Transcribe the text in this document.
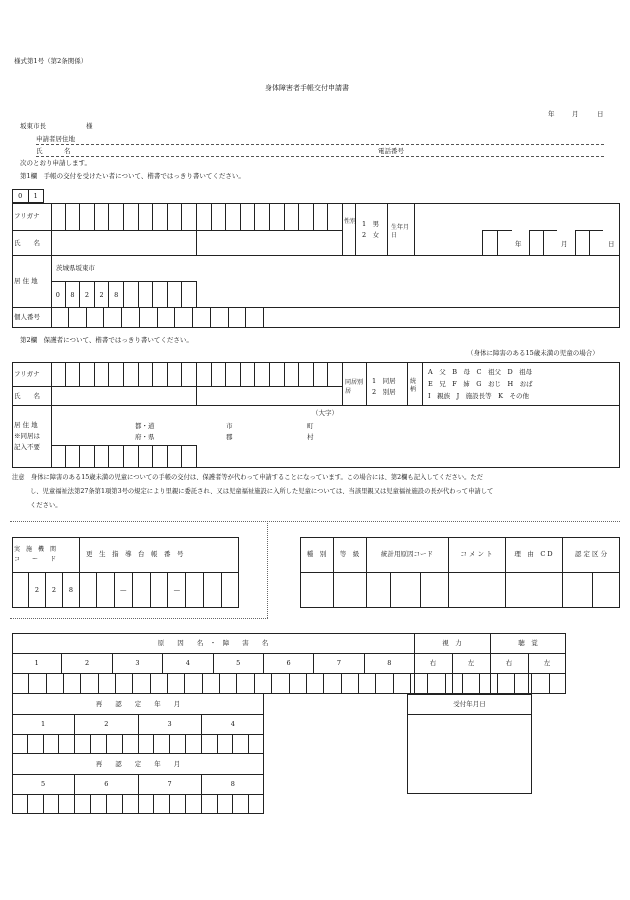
様式第1号（第2条関係）
身体障害者手帳交付申請書
年	月	日
坂東市長	様
申請者居住地
氏	名	電話番号
次のとおり申請します。
第1欄　手帳の交付を受けたい者について、楷書ではっきり書いてください。
0	1
フリガナ
氏　　名
性別 1　男
2　女
生年月日
年	月	日
居 住 地
茨城県坂東市
0	8	2	2	8
個人番号
第2欄　保護者について、楷書ではっきり書いてください。
（身体に障害のある15歳未満の児童の場合）
フリガナ
氏　　名
同居別居
1　同居
2　別居
続柄
A　父　B　母　C　祖父　D　祖母
E　兄　F　姉　G　おじ　H　おば
I　親族　J　施設長等　K　その他
居 住 地
※同居は
記入不要
（大字）
都・道
府・県
市
郡
町
村
注意　身体に障害のある15歳未満の児童についての手帳の交付は、保護者等が代わって申請することになっています。この場合には、第2欄も記入してください。ただ
し、児童福祉法第27条第1項第3号の規定により里親に委託され、又は児童福祉施設に入所した児童については、当該里親又は児童福祉施設の長が代わって申請して
ください。
実　施　機　関
コ　　ー　　ド
更　生　指　導　台　帳　番　号
2	2	8	—	—
種　別	等　級	統計用原因コード	コ メ ン ト	理　由　C D	認 定 区 分
原　　因　　名　・　障　　害　　名	視　力	聴　覚
1	2	3	4	5	6	7	8	右	左	右	左
再　　認　　定　　年　　月
1	2	3	4
再　　認　　定　　年　　月
5	6	7	8
受付年月日
